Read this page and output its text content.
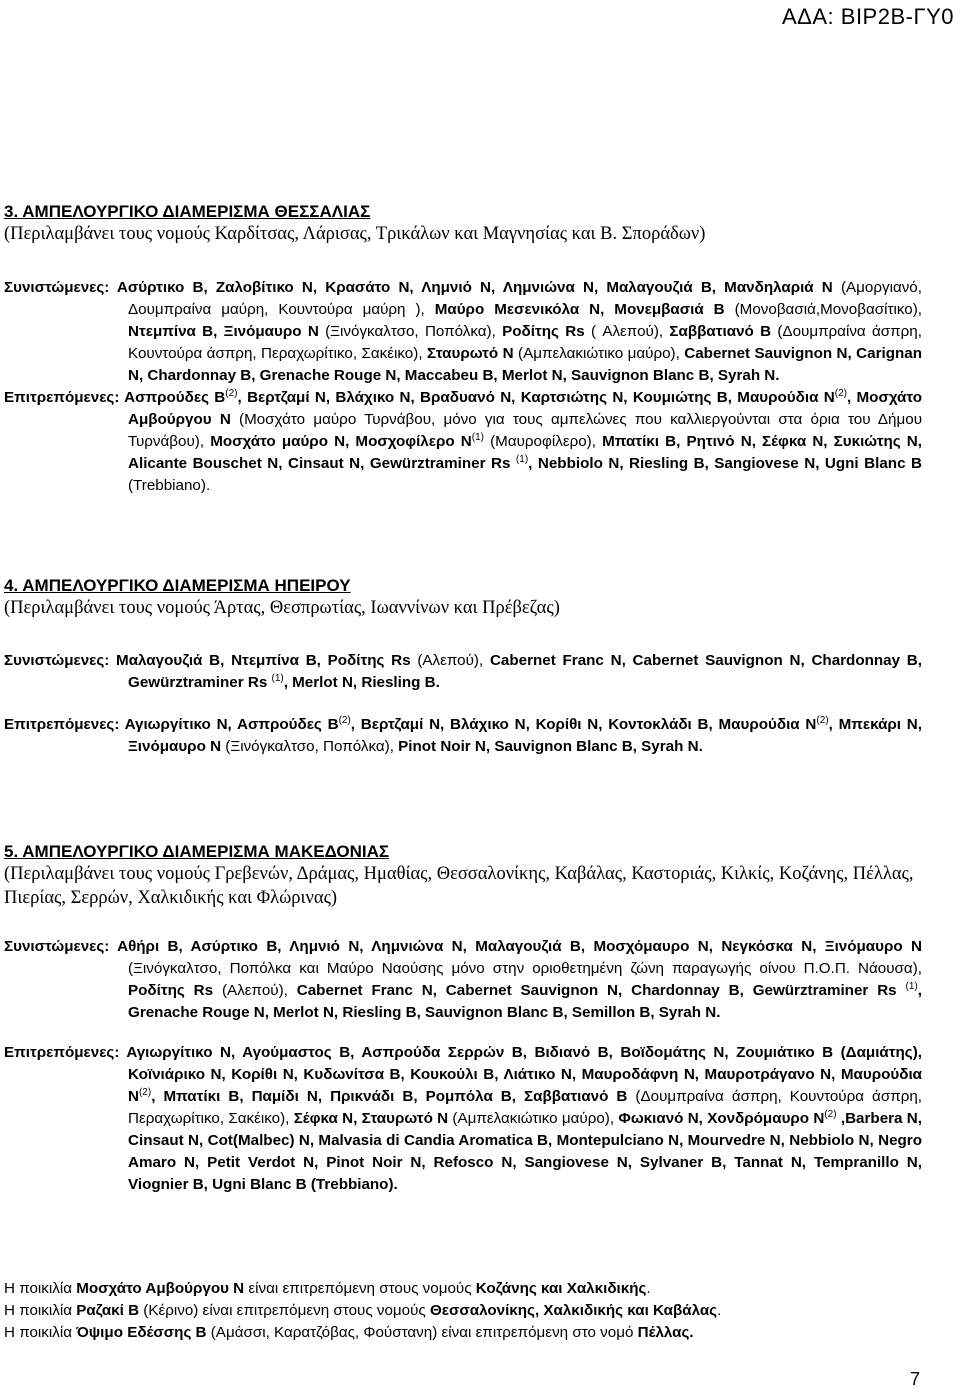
ΑΔΑ: ΒΙΡ2Β-ΓΥ0
3. ΑΜΠΕΛΟΥΡΓΙΚΟ ΔΙΑΜΕΡΙΣΜΑ ΘΕΣΣΑΛΙΑΣ
(Περιλαμβάνει τους νομούς Καρδίτσας, Λάρισας, Τρικάλων και Μαγνησίας και Β. Σποράδων)
Συνιστώμενες: Ασύρτικο Β, Ζαλοβίτικο Ν, Κρασάτο Ν, Λημνιό Ν, Λημνιώνα Ν, Μαλαγουζιά Β, Μανδηλαριά Ν (Αμοργιανό, Δουμπραίνα μαύρη, Κουντούρα μαύρη ), Μαύρο Μεσενικόλα Ν, Μονεμβασιά Β (Μονοβασιά,Μονοβασίτικο), Ντεμπίνα Β, Ξινόμαυρο Ν (Ξινόγκαλτσο, Ποπόλκα), Ροδίτης Rs ( Αλεπού), Σαββατιανό Β (Δουμπραίνα άσπρη, Κουντούρα άσπρη, Περαχωρίτικο, Σακέικο), Σταυρωτό Ν (Αμπελακιώτικο μαύρο), Cabernet Sauvignon N, Carignan N, Chardonnay B, Grenache Rouge N, Maccabeu B, Merlot N, Sauvignon Blanc B, Syrah N.
Επιτρεπόμενες: Ασπρούδες $B^{(2)}$, Βερτζαμί Ν, Βλάχικο Ν, Βραδυανό Ν, Καρτσιώτης Ν, Κουμιώτης Β, Μαυρούδια $N^{(2)}$, Μοσχάτο Αμβούργου Ν (Μοσχάτο μαύρο Τυρνάβου, μόνο για τους αμπελώνες που καλλιεργούνται στα όρια του Δήμου Τυρνάβου), Μοσχάτο μαύρο Ν, Μοσχοφίλερο $N^{(1)}$ (Μαυροφίλερο), Μπατίκι Β, Ρητινό Ν, Σέφκα Ν, Συκιώτης Ν, Alicante Bouschet N, Cinsaut N, Gewürztraminer Rs $^{(1)}$, Nebbiolo N, Riesling B, Sangiovese N, Ugni Blanc B (Trebbiano).
4. ΑΜΠΕΛΟΥΡΓΙΚΟ ΔΙΑΜΕΡΙΣΜΑ ΗΠΕΙΡΟΥ
(Περιλαμβάνει τους νομούς Άρτας, Θεσπρωτίας, Ιωαννίνων και Πρέβεζας)
Συνιστώμενες: Μαλαγουζιά Β, Ντεμπίνα Β, Ροδίτης Rs (Αλεπού), Cabernet Franc N, Cabernet Sauvignon N, Chardonnay B, Gewürztraminer Rs $^{(1)}$, Merlot N, Riesling B.
Επιτρεπόμενες: Αγιωργίτικο Ν, Ασπρούδες $B^{(2)}$, Βερτζαμί Ν, Βλάχικο Ν, Κορίθι Ν, Κοντοκλάδι Β, Μαυρούδια $N^{(2)}$, Μπεκάρι Ν, Ξινόμαυρο Ν (Ξινόγκαλτσο, Ποπόλκα), Pinot Noir N, Sauvignon Blanc B, Syrah N.
5. ΑΜΠΕΛΟΥΡΓΙΚΟ ΔΙΑΜΕΡΙΣΜΑ ΜΑΚΕΔΟΝΙΑΣ
(Περιλαμβάνει τους νομούς Γρεβενών, Δράμας, Ημαθίας, Θεσσαλονίκης, Καβάλας, Καστοριάς, Κιλκίς, Κοζάνης, Πέλλας, Πιερίας, Σερρών, Χαλκιδικής και Φλώρινας)
Συνιστώμενες: Αθήρι Β, Ασύρτικο Β, Λημνιό Ν, Λημνιώνα Ν, Μαλαγουζιά Β, Μοσχόμαυρο Ν, Νεγκόσκα Ν, Ξινόμαυρο Ν (Ξινόγκαλτσο, Ποπόλκα και Μαύρο Ναούσης μόνο στην οριοθετημένη ζώνη παραγωγής οίνου Π.Ο.Π. Νάουσα), Ροδίτης Rs (Αλεπού), Cabernet Franc N, Cabernet Sauvignon N, Chardonnay B, Gewürztraminer Rs $^{(1)}$, Grenache Rouge N, Merlot N, Riesling B, Sauvignon Blanc B, Semillon B, Syrah N.
Επιτρεπόμενες: Αγιωργίτικο Ν, Αγούμαστος Β, Ασπρούδα Σερρών Β, Βιδιανό Β, Βοϊδομάτης Ν, Ζουμιάτικο Β (Δαμιάτης), Κοϊνιάρικο Ν, Κορίθι Ν, Κυδωνίτσα Β, Κουκούλι Β, Λιάτικο Ν, Μαυροδάφνη Ν, Μαυροτράγανο Ν, Μαυρούδια $N^{(2)}$, Μπατίκι Β, Παμίδι Ν, Πρικνάδι Β, Ρομπόλα Β, Σαββατιανό Β (Δουμπραίνα άσπρη, Κουντούρα άσπρη, Περαχωρίτικο, Σακέικο), Σέφκα Ν, Σταυρωτό Ν (Αμπελακιώτικο μαύρο), Φωκιανό Ν, Χονδρόμαυρο $N^{(2)}$ ,Barbera N, Cinsaut N, Cot(Malbec) N, Malvasia di Candia Aromatica B, Montepulciano N, Mourvedre N, Nebbiolo N, Negro Amaro N, Petit Verdot N, Pinot Noir N, Refosco N, Sangiovese N, Sylvaner B, Tannat N, Tempranillo N, Viognier B, Ugni Blanc B (Trebbiano).
Η ποικιλία Μοσχάτο Αμβούργου Ν είναι επιτρεπόμενη στους νομούς Κοζάνης και Χαλκιδικής.
Η ποικιλία Ραζακί Β (Κέρινο) είναι επιτρεπόμενη στους νομούς Θεσσαλονίκης, Χαλκιδικής και Καβάλας.
Η ποικιλία Όψιμο Εδέσσης Β (Αμάσσι, Καρατζόβας, Φούστανη) είναι επιτρεπόμενη στο νομό Πέλλας.
7
